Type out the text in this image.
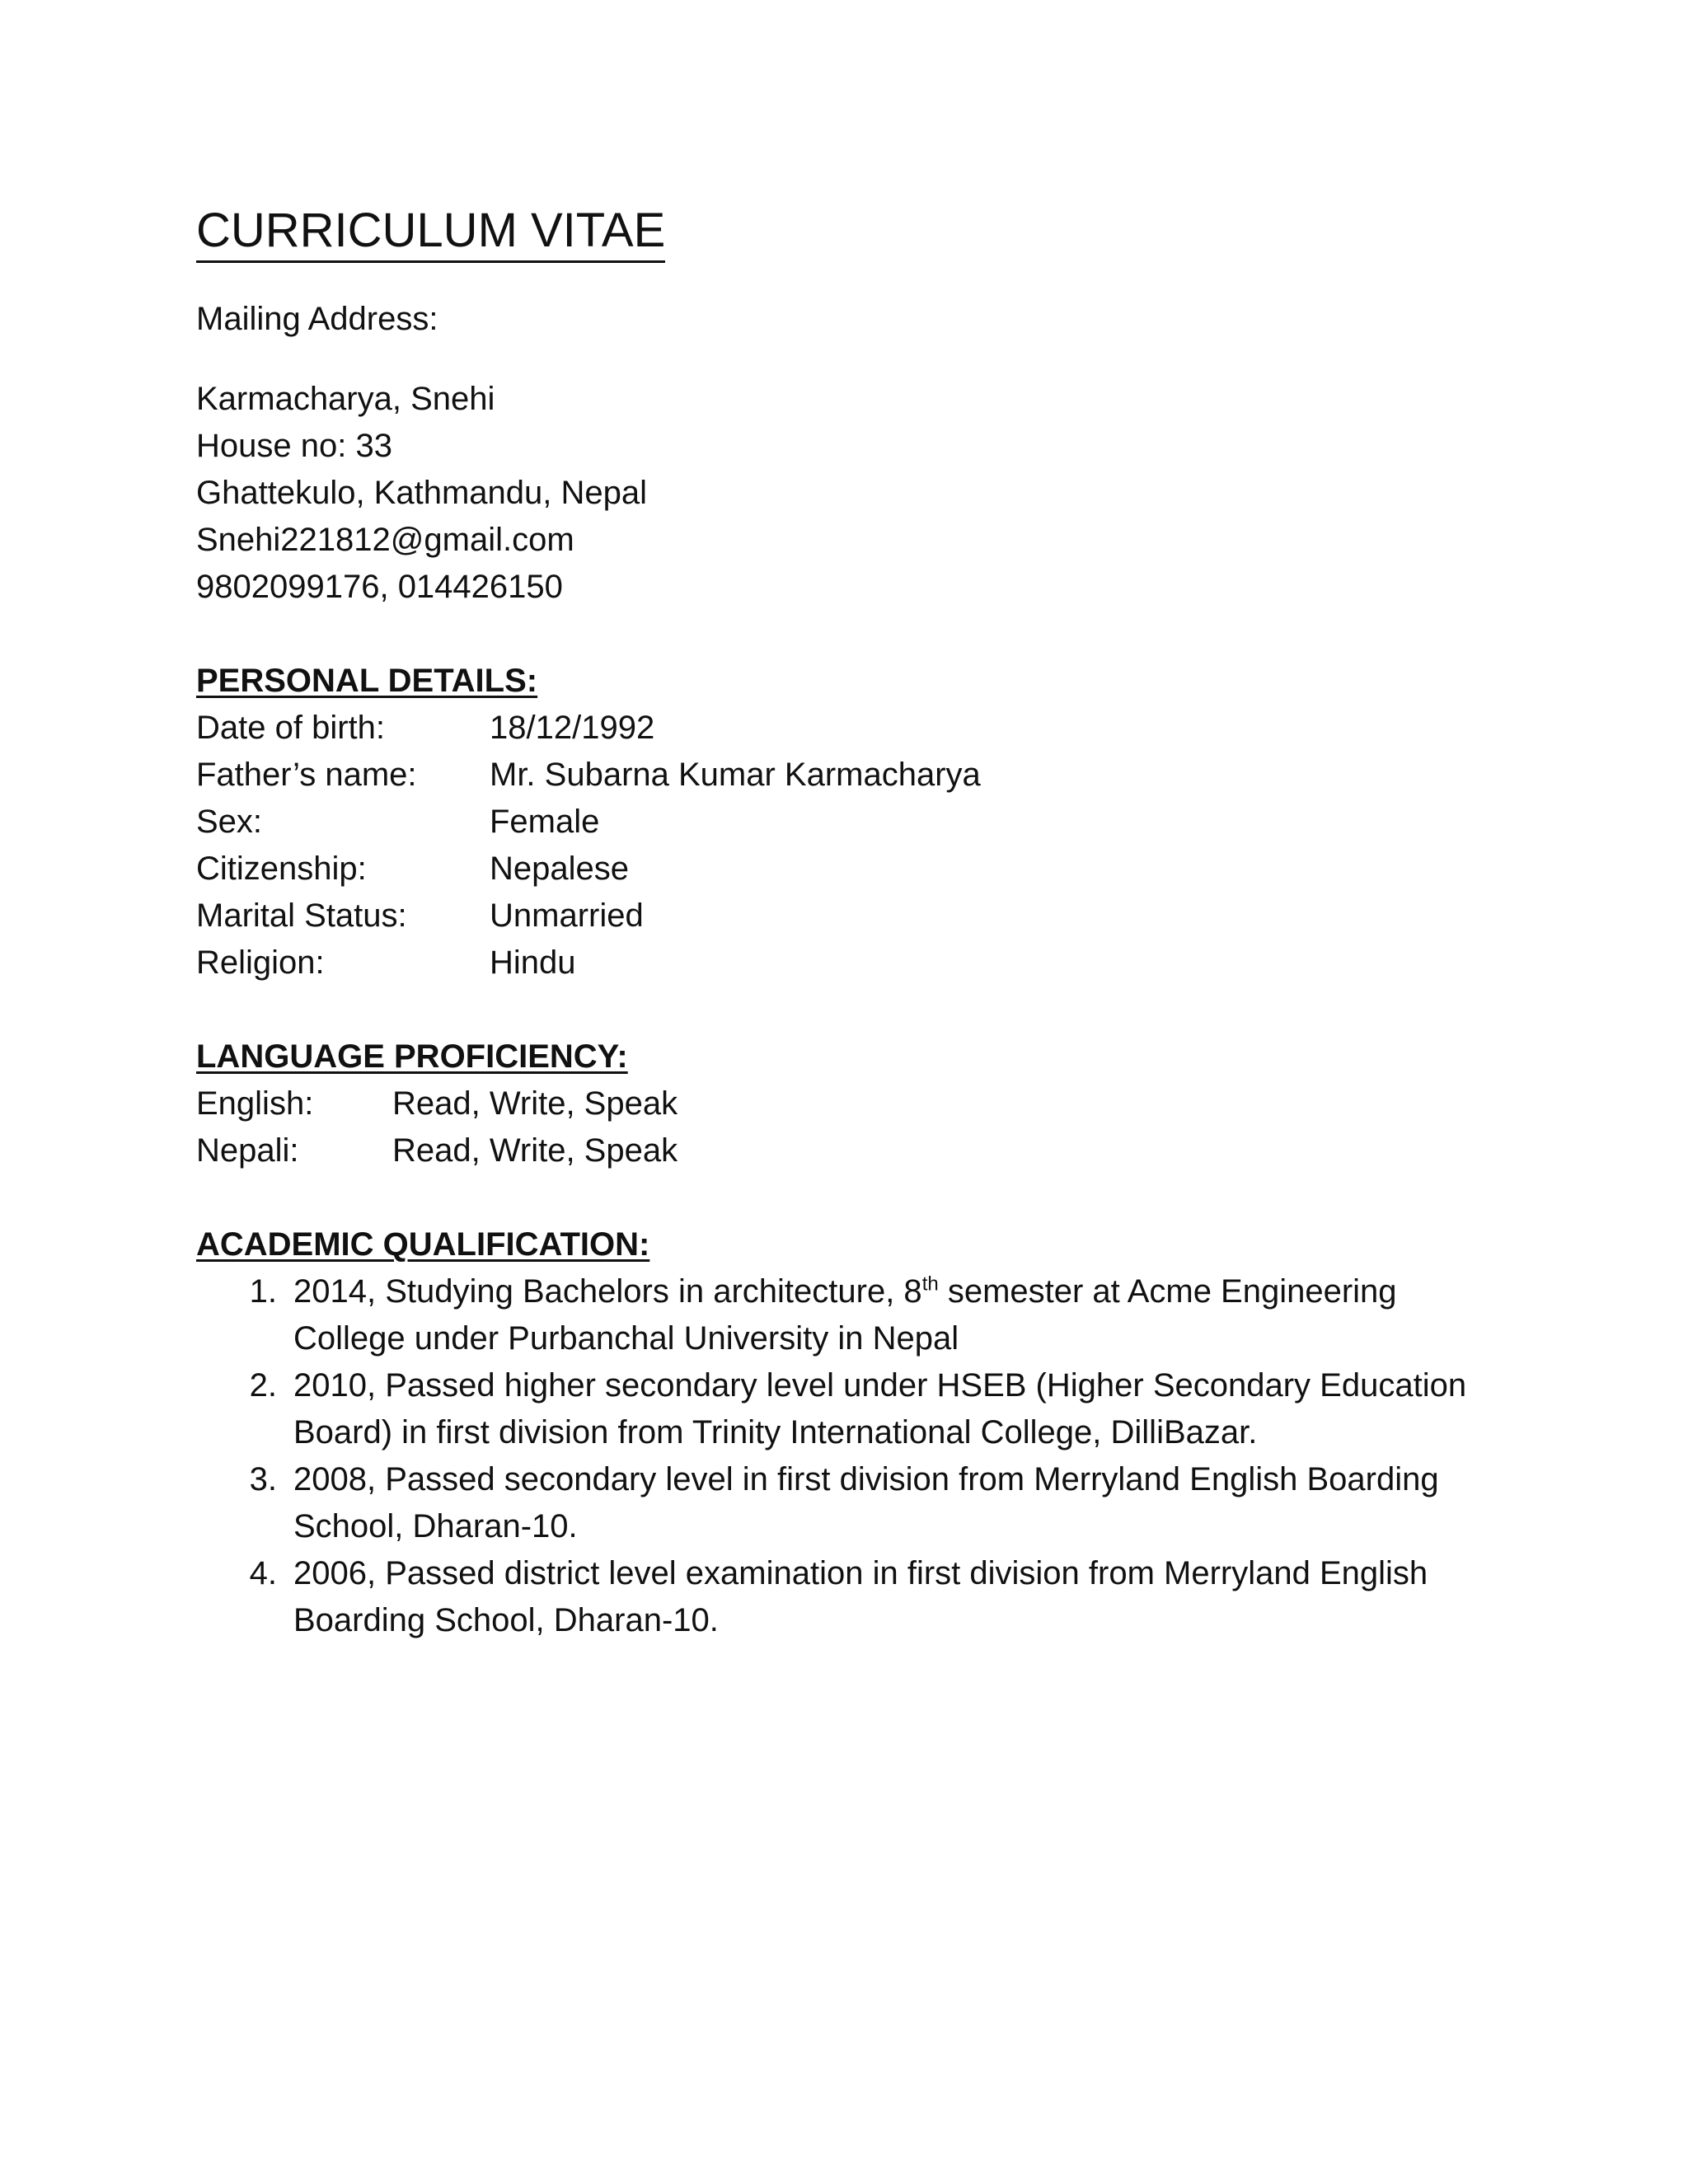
CURRICULUM VITAE
Mailing Address:
Karmacharya, Snehi
House no: 33
Ghattekulo, Kathmandu, Nepal
Snehi221812@gmail.com
9802099176, 014426150
PERSONAL DETAILS:
Date of birth:	18/12/1992
Father’s name:	Mr. Subarna Kumar Karmacharya
Sex:	Female
Citizenship:	Nepalese
Marital Status:	Unmarried
Religion:	Hindu
LANGUAGE PROFICIENCY:
English:	Read, Write, Speak
Nepali:	Read, Write, Speak
ACADEMIC QUALIFICATION:
1. 2014, Studying Bachelors in architecture, 8th semester at Acme Engineering College under Purbanchal University in Nepal
2. 2010, Passed higher secondary level under HSEB (Higher Secondary Education Board) in first division from Trinity International College, DilliBazar.
3. 2008, Passed secondary level in first division from Merryland English Boarding School, Dharan-10.
4. 2006, Passed district level examination in first division from Merryland English Boarding School, Dharan-10.
